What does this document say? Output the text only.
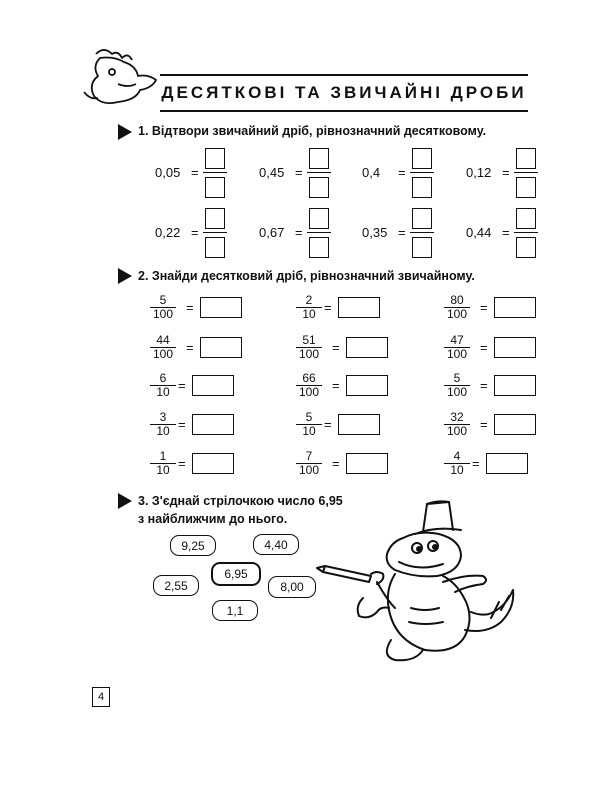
ДЕСЯТКОВІ ТА ЗВИЧАЙНІ ДРОБИ
1. Відтвори звичайний дріб, рівнозначний десятковому.
0,05 =	0,45 =	0,4 =	0,12 =
0,22 =	0,67 =	0,35 =	0,44 =
2. Знайди десятковий дріб, рівнозначний звичайному.
$\frac{5}{100}$ =	$\frac{2}{10}$ =	$\frac{80}{100}$ =
$\frac{44}{100}$ =	$\frac{51}{100}$ =	$\frac{47}{100}$ =
$\frac{6}{10}$ =	$\frac{66}{100}$ =	$\frac{5}{100}$ =
$\frac{3}{10}$ =	$\frac{5}{10}$ =	$\frac{32}{100}$ =
$\frac{1}{10}$ =	$\frac{7}{100}$ =	$\frac{4}{10}$ =
3. З'єднай стрілочкою число 6,95
з найближчим до нього.
9,25	4,40
6,95
2,55	8,00
1,1
4
